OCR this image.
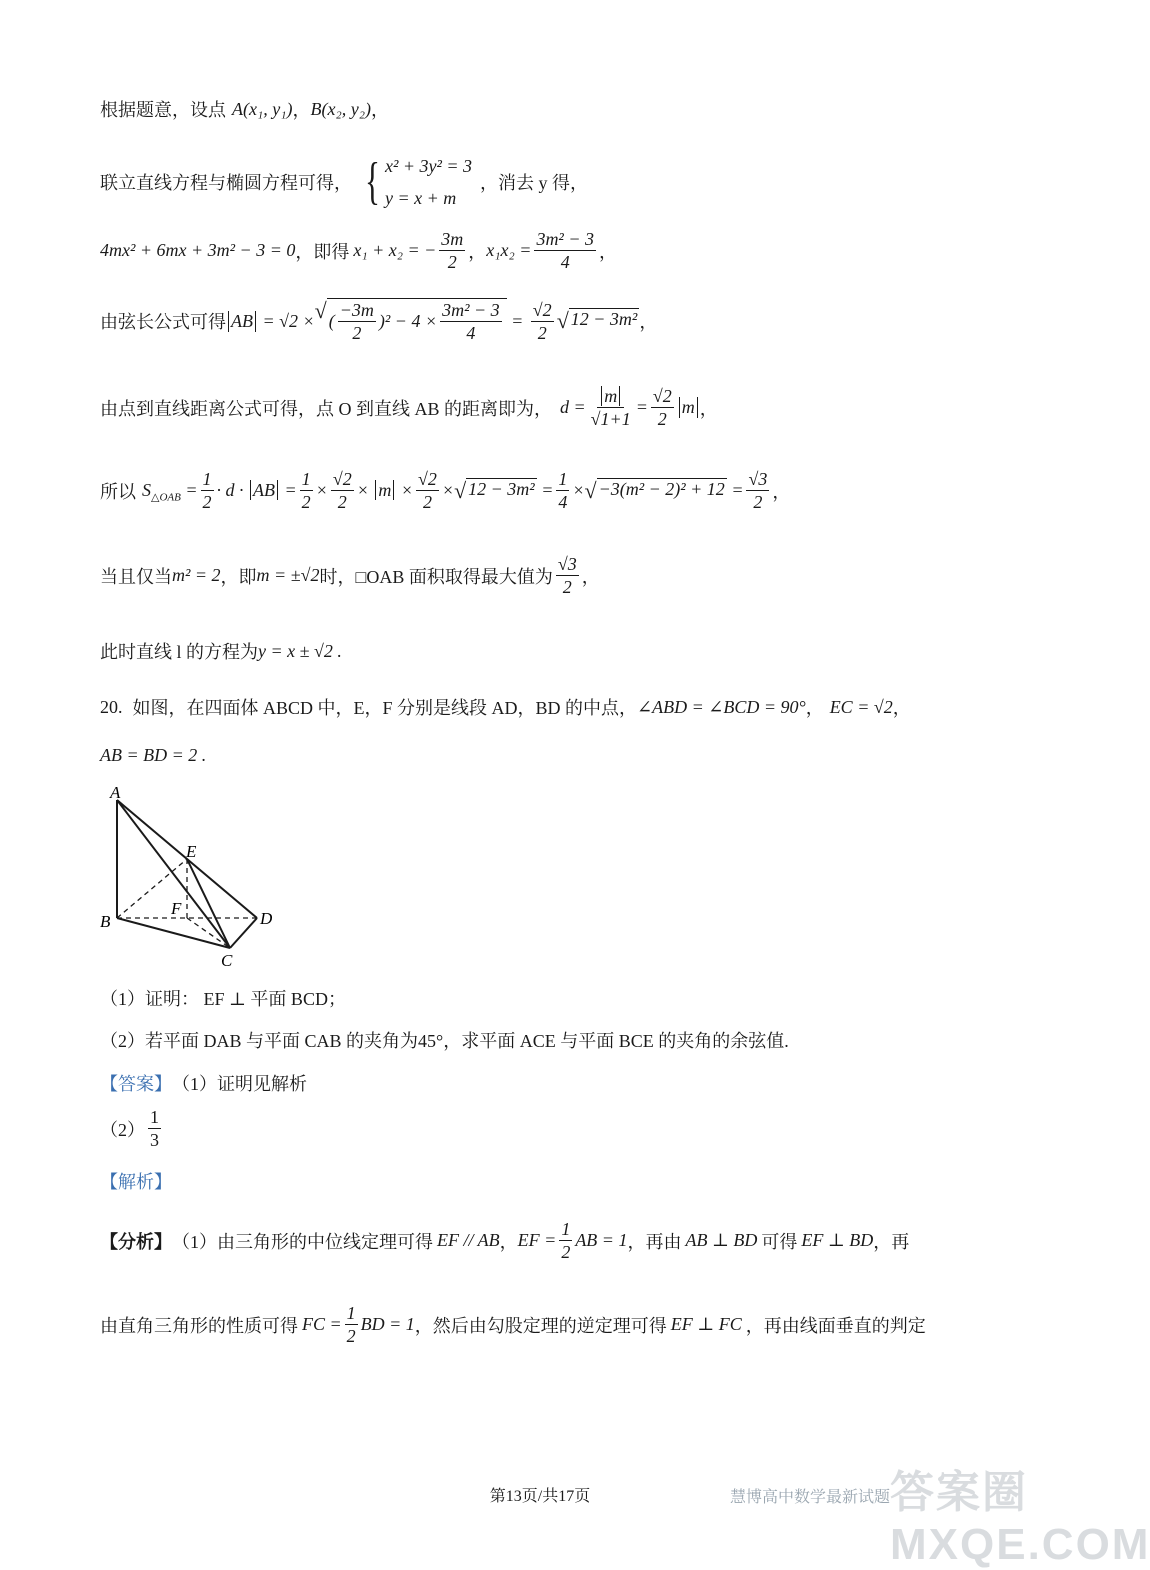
根据题意，设点 A(x₁, y₁) ， B(x₂, y₂) ，
联立直线方程与椭圆方程可得， { x² + 3y² = 3
y = x + m
，消去 y 得，
4mx² + 6mx + 3m² − 3 = 0 ，即得 x₁ + x₂ = − $\frac{3m}{2}$ ， $x_1x_2 = \frac{\text{3m² − 3}}{4}$ ，
由弦长公式可得 AB = √2 × √ ( $\frac{-3m}{2} )^2 - 4 \times \frac{\text{3m² − 3}}{4} = \frac{√2}{2}$ √ 12 − 3m² ，
由点到直线距离公式可得，点 O 到直线 AB 的距离即为， $d = \frac{m}{√1+1} = \frac{√2}{2}$ m ，
所以 $S_{\triangle OAB} = \frac{1}{2} \cdot d$ · AB = $\frac{1}{2} \times \frac{√2}{2} \times m \times \frac{√2}{2}$ × √ $12 - 3m^2 = \frac{1}{4}$ × √ $-3(m^2 - 2)^2 + 12 = \frac{√3}{2}$ ，
当且仅当 m² = 2 ，即 m = ±√2 时，□OAB 面积取得最大值为 $\frac{√3}{2}$ ，
此时直线 l 的方程为 y = x ± √2 .
20. 如图，在四面体 ABCD 中，E，F 分别是线段 AD，BD 的中点， ∠ABD = ∠BCD = 90° ， EC = √2 ，
AB = BD = 2 .
A
E
F
B	D
C
（1）证明： EF ⊥ 平面 BCD；
（2）若平面 DAB 与平面 CAB 的夹角为45°，求平面 ACE 与平面 BCE 的夹角的余弦值.
【答案】 （1）证明见解析
$(2) \frac{1}{3}$
【解析】
【分析】 （1）由三角形的中位线定理可得 EF // AB ， EF = $\frac{1}{2}$ AB = 1 ，再由 AB ⊥ BD 可得 EF ⊥ BD ，再
由直角三角形的性质可得 FC = $\frac{1}{2}$ BD = 1 ，然后由勾股定理的逆定理可得 EF ⊥ FC ，再由线面垂直的判定
第13页/共17页	慧博高中数学最新试题 答案圈 MXQE.COM
